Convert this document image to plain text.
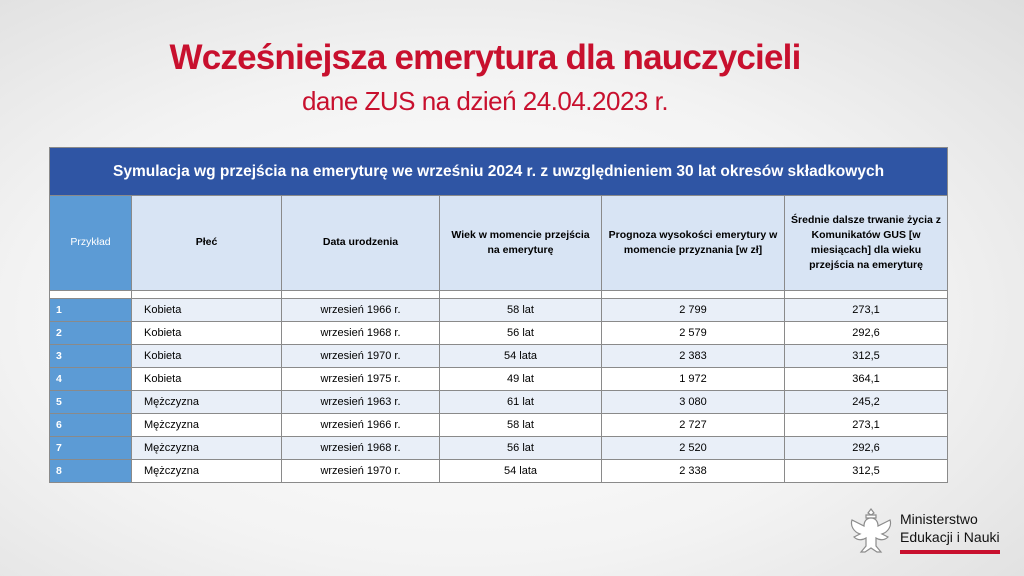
Wcześniejsza emerytura dla nauczycieli
dane ZUS na dzień 24.04.2023 r.
Symulacja wg przejścia na emeryturę we wrześniu 2024 r. z uwzględnieniem 30 lat okresów składkowych					
Przykład	Płeć	Data urodzenia	Wiek w momencie przejścia na emeryturę	Prognoza wysokości emerytury w momencie przyznania [w zł]	Średnie dalsze trwanie życia z Komunikatów GUS [w miesiącach] dla wieku przejścia na emeryturę

1	Kobieta	wrzesień 1966 r.	58 lat	2 799	273,1
2	Kobieta	wrzesień 1968 r.	56 lat	2 579	292,6
3	Kobieta	wrzesień 1970 r.	54 lata	2 383	312,5
4	Kobieta	wrzesień 1975 r.	49 lat	1 972	364,1
5	Mężczyzna	wrzesień 1963 r.	61 lat	3 080	245,2
6	Mężczyzna	wrzesień 1966 r.	58 lat	2 727	273,1
7	Mężczyzna	wrzesień 1968 r.	56 lat	2 520	292,6
8	Mężczyzna	wrzesień 1970 r.	54 lata	2 338	312,5
Ministerstwo
Edukacji i Nauki
